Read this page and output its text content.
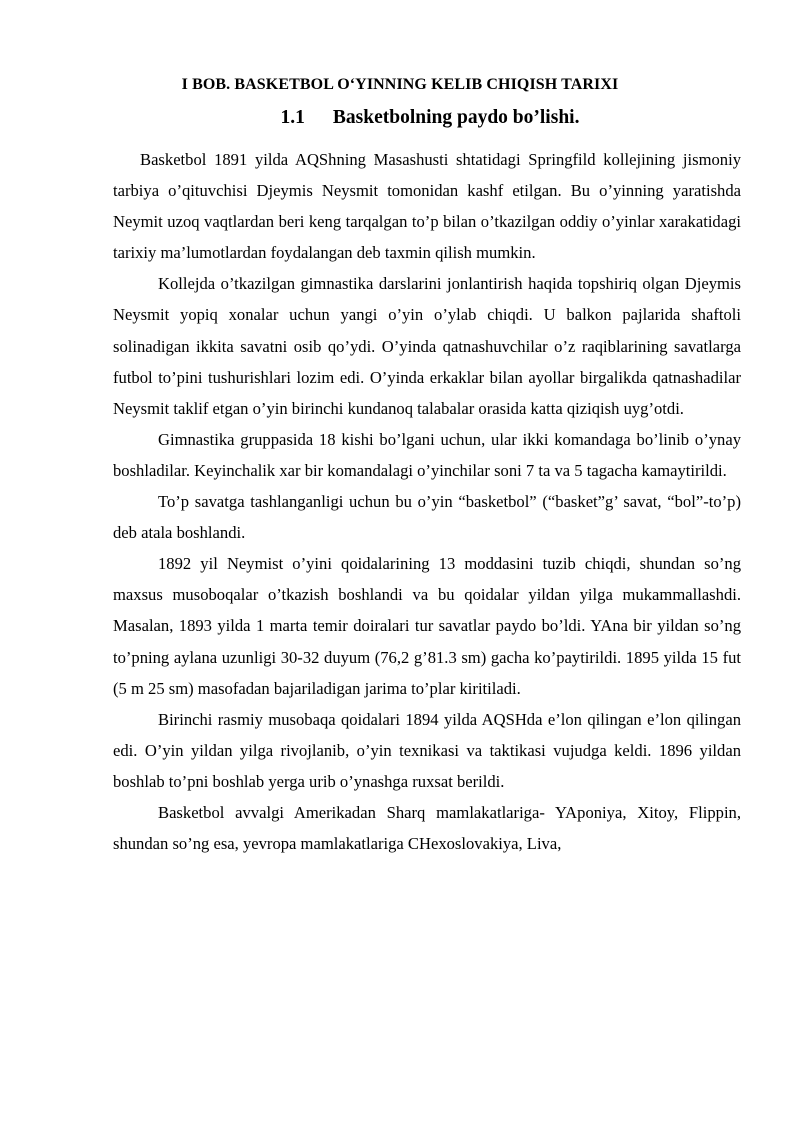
I BOB. BASKETBOL O‘YINNING KELIB CHIQISH TARIXI
1.1 Basketbolning paydo bo’lishi.

Basketbol 1891 yilda AQShning Masashusti shtatidagi Springfild kollejining jismoniy tarbiya o’qituvchisi Djeymis Neysmit tomonidan kashf etilgan. Bu o’yinning yaratishda Neymit uzoq vaqtlardan beri keng tarqalgan to’p bilan o’tkazilgan oddiy o’yinlar xarakatidagi tarixiy ma’lumotlardan foydalangan deb taxmin qilish mumkin.

Kollejda o’tkazilgan gimnastika darslarini jonlantirish haqida topshiriq olgan Djeymis Neysmit yopiq xonalar uchun yangi o’yin o’ylab chiqdi. U balkon pajlarida shaftoli solinadigan ikkita savatni osib qo’ydi. O’yinda qatnashuvchilar o’z raqiblarining savatlarga futbol to’pini tushurishlari lozim edi. O’yinda erkaklar bilan ayollar birgalikda qatnashadilar Neysmit taklif etgan o’yin birinchi kundanoq talabalar orasida katta qiziqish uyg’otdi.

Gimnastika gruppasida 18 kishi bo’lgani uchun, ular ikki komandaga bo’linib o’ynay boshladilar. Keyinchalik xar bir komandalagi o’yinchilar soni 7 ta va 5 tagacha kamaytirildi.

To’p savatga tashlanganligi uchun bu o’yin “basketbol” (“basket”g’ savat, “bol”-to’p) deb atala boshlandi.

1892 yil Neymist o’yini qoidalarining 13 moddasini tuzib chiqdi, shundan so’ng maxsus musoboqalar o’tkazish boshlandi va bu qoidalar yildan yilga mukammallashdi. Masalan, 1893 yilda 1 marta temir doiralari tur savatlar paydo bo’ldi. YAna bir yildan so’ng to’pning aylana uzunligi 30-32 duyum (76,2 g’81.3 sm) gacha ko’paytirildi. 1895 yilda 15 fut (5 m 25 sm) masofadan bajariladigan jarima to’plar kiritiladi.

Birinchi rasmiy musobaqa qoidalari 1894 yilda AQSHda e’lon qilingan e’lon qilingan edi. O’yin yildan yilga rivojlanib, o’yin texnikasi va taktikasi vujudga keldi. 1896 yildan boshlab to’pni boshlab yerga urib o’ynashga ruxsat berildi.

Basketbol avvalgi Amerikadan Sharq mamlakatlariga- YAponiya, Xitoy, Flippin, shundan so’ng esa, yevropa mamlakatlariga CHexoslovakiya, Liva,
